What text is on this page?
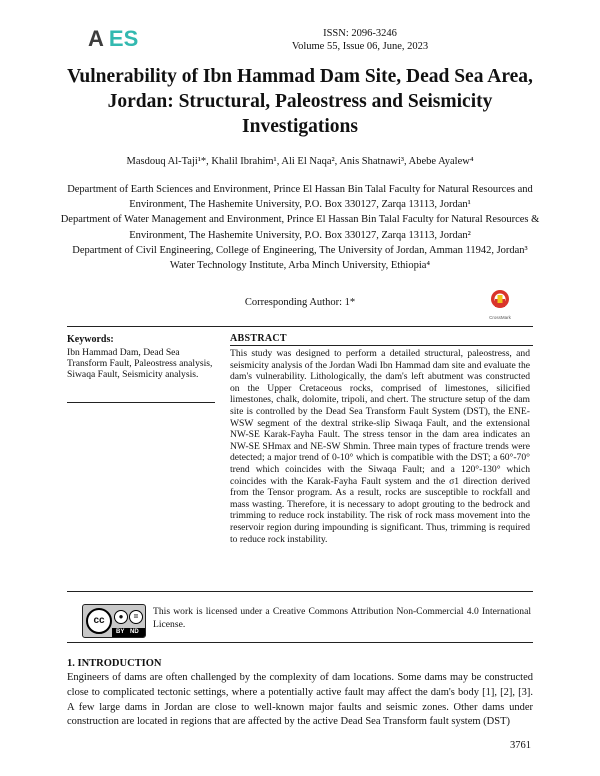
A ES	ISSN: 2096-3246
Volume 55, Issue 06, June, 2023
Vulnerability of Ibn Hammad Dam Site, Dead Sea Area, Jordan: Structural, Paleostress and Seismicity Investigations
Masdouq Al-Taji¹*, Khalil Ibrahim¹, Ali El Naqa², Anis Shatnawi³, Abebe Ayalew⁴
Department of Earth Sciences and Environment, Prince El Hassan Bin Talal Faculty for Natural Resources and Environment, The Hashemite University, P.O. Box 330127, Zarqa 13113, Jordan¹
Department of Water Management and Environment, Prince El Hassan Bin Talal Faculty for Natural Resources & Environment, The Hashemite University, P.O. Box 330127, Zarqa 13113, Jordan²
Department of Civil Engineering, College of Engineering, The University of Jordan, Amman 11942, Jordan³
Water Technology Institute, Arba Minch University, Ethiopia⁴
Corresponding Author: 1*
CrossMark
Keywords:
Ibn Hammad Dam, Dead Sea Transform Fault, Paleostress analysis, Siwaqa Fault, Seismicity analysis.
ABSTRACT
This study was designed to perform a detailed structural, paleostress, and seismicity analysis of the Jordan Wadi Ibn Hammad dam site and evaluate the dam's vulnerability. Lithologically, the dam's left abutment was constructed on the Upper Cretaceous rocks, comprised of limestones, silicified limestones, chalk, dolomite, tripoli, and chert. The structure setup of the dam site is controlled by the Dead Sea Transform Fault System (DST), the ENE-WSW segment of the dextral strike-slip Siwaqa Fault, and the extensional NW-SE Karak-Fayha Fault. The stress tensor in the dam area indicates an NW-SE SHmax and NE-SW Shmin. Three main types of fracture trends were detected; a major trend of 0-10° which is compatible with the DST; a 60°-70° trend which coincides with the Siwaqa Fault; and a 120°-130° which coincides with the Karak-Fayha Fault system and the σ1 direction derived from the Tensor program. As a result, rocks are susceptible to rockfall and mass wasting. Therefore, it is necessary to adopt grouting to the bedrock and trimming to reduce rock instability. The risk of rock mass movement into the reservoir region during impounding is significant. Thus, trimming is required to reduce rock instability.
cc	●	=
BY ND
This work is licensed under a Creative Commons Attribution Non-Commercial 4.0 International License.
1. INTRODUCTION
Engineers of dams are often challenged by the complexity of dam locations. Some dams may be constructed close to complicated tectonic settings, where a potentially active fault may affect the dam's body [1], [2], [3]. A few large dams in Jordan are close to well-known major faults and seismic zones. Other dams under construction are located in regions that are affected by the active Dead Sea Transform fault system (DST)
3761
